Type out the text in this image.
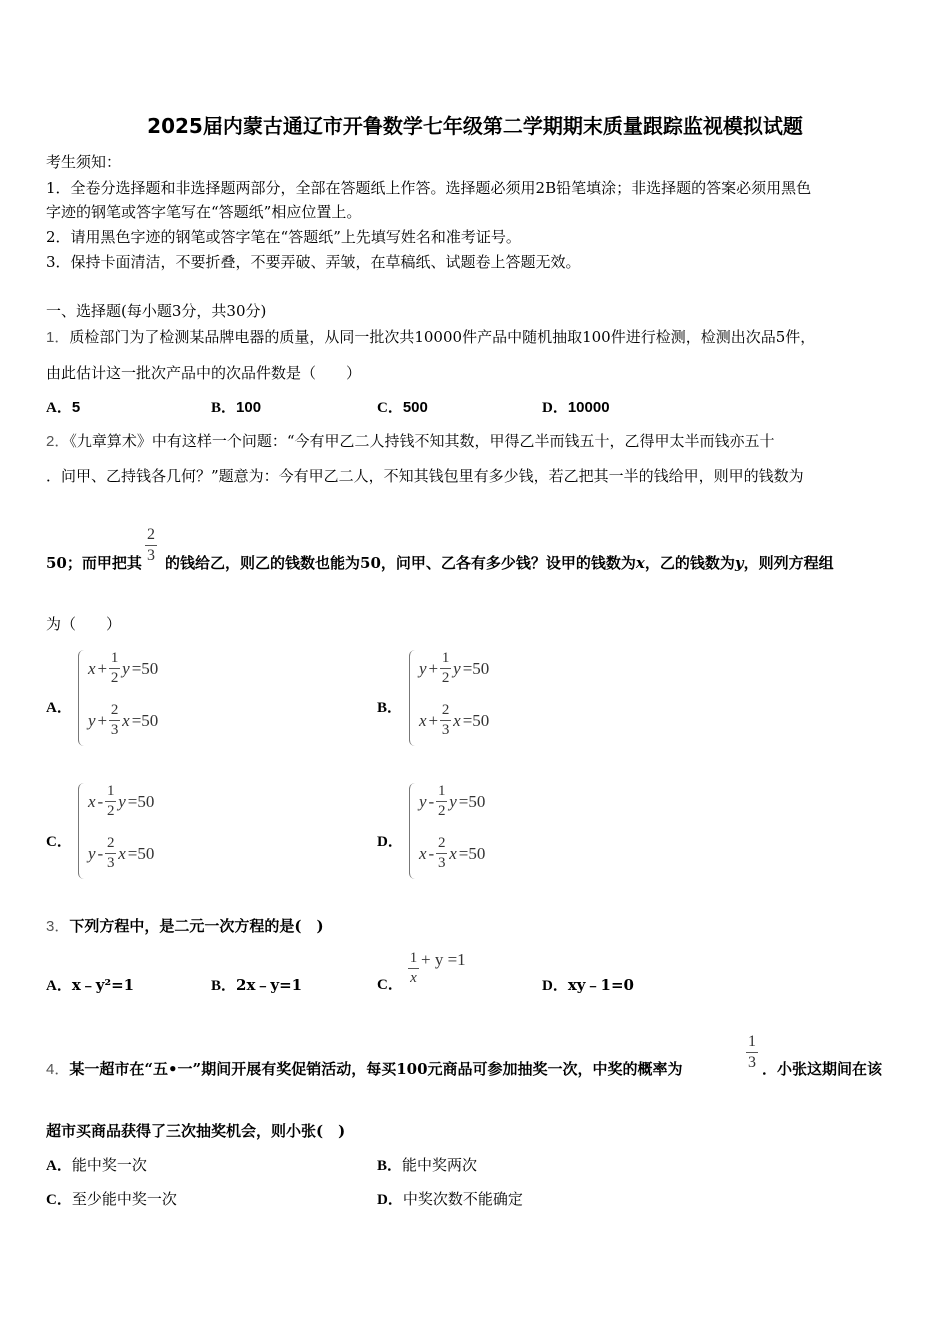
2025届内蒙古通辽市开鲁数学七年级第二学期期末质量跟踪监视模拟试题
考生须知：
1．全卷分选择题和非选择题两部分，全部在答题纸上作答。选择题必须用2B铅笔填涂；非选择题的答案必须用黑色
字迹的钢笔或答字笔写在“答题纸”相应位置上。
2．请用黑色字迹的钢笔或答字笔在“答题纸”上先填写姓名和准考证号。
3．保持卡面清洁，不要折叠，不要弄破、弄皱，在草稿纸、试题卷上答题无效。
一、选择题(每小题3分，共30分)
1．质检部门为了检测某品牌电器的质量，从同一批次共10000件产品中随机抽取100件进行检测，检测出次品5件，
由此估计这一批次产品中的次品件数是（　　）
A．5	B．100	C．500	D．10000
2．《九章算术》中有这样一个问题：“今有甲乙二人持钱不知其数，甲得乙半而钱五十，乙得甲太半而钱亦五十
．问甲、乙持钱各几何？”题意为：今有甲乙二人，不知其钱包里有多少钱，若乙把其一半的钱给甲，则甲的钱数为
50；而甲把其
2
3 的钱给乙，则乙的钱数也能为50，问甲、乙各有多少钱？设甲的钱数为x，乙的钱数为y，则列方程组
为（　　）
A．
$x + \frac{1}{2}$ y =50
$y + \frac{2}{3}$ x =50
B．
$y + \frac{1}{2}$ y =50
$x + \frac{2}{3}$ x =50
C．
x - $\frac{1}{2}$ y =50
y - $\frac{2}{3}$ x =50
D．
y - $\frac{1}{2}$ y =50
x - $\frac{2}{3}$ x =50
3．下列方程中，是二元一次方程的是(　)
A．x﹣y²=1	B．2x﹣y=1	C． $\frac{1}{x} + y =1$
D．xy﹣1=0
4．某一超市在“五•一”期间开展有奖促销活动，每买100元商品可参加抽奖一次，中奖的概率为
1
3 ．小张这期间在该
超市买商品获得了三次抽奖机会，则小张(　)
A．能中奖一次	B．能中奖两次
C．至少能中奖一次	D．中奖次数不能确定
